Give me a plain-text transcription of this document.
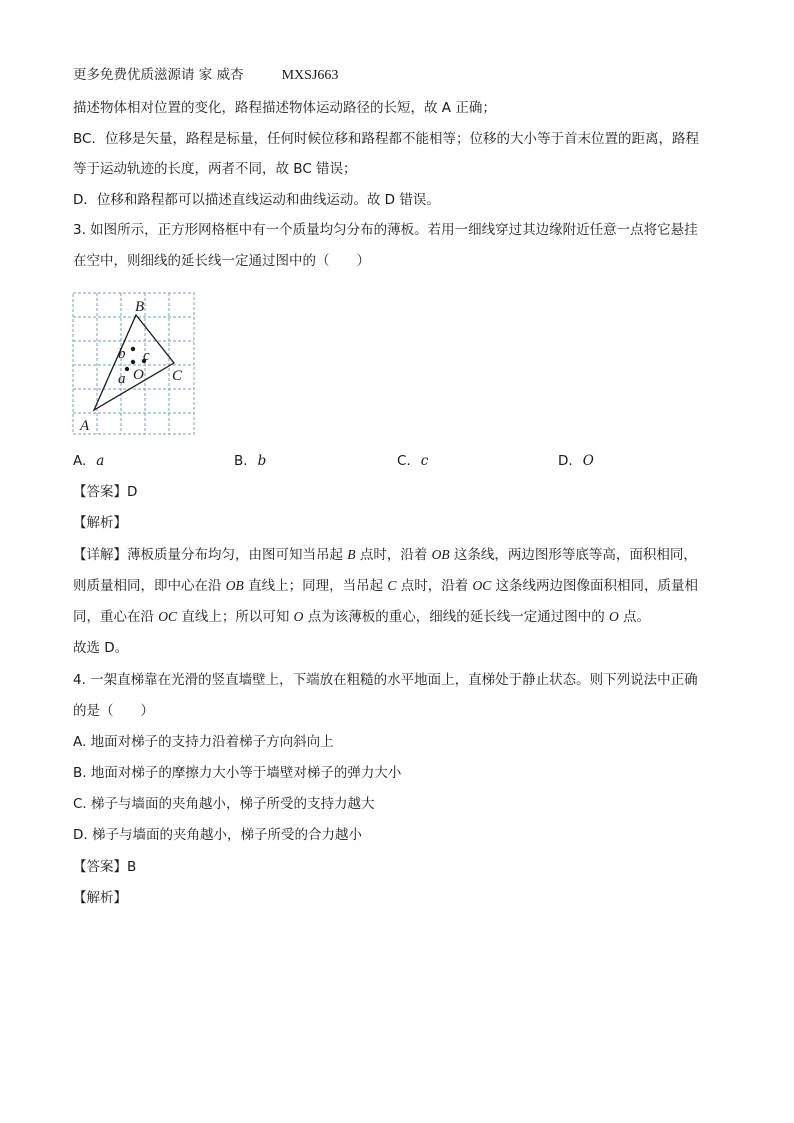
更多免费优质滋源请 家 威杏	MXSJ663
描述物体相对位置的变化，路程描述物体运动路径的长短，故 A 正确；
BC．位移是矢量，路程是标量，任何时候位移和路程都不能相等；位移的大小等于首末位置的距离，路程
等于运动轨迹的长度，两者不同，故 BC 错误；
D．位移和路程都可以描述直线运动和曲线运动。故 D 错误。
3. 如图所示，正方形网格框中有一个质量均匀分布的薄板。若用一细线穿过其边缘附近任意一点将它悬挂
在空中，则细线的延长线一定通过图中的（　　）
B
C
A
O
a
b c
A. a	B. b	C. c	D. O
【答案】D
【解析】
【详解】薄板质量分布均匀，由图可知当吊起 B 点时，沿着 OB 这条线，两边图形等底等高，面积相同，
则质量相同，即中心在沿 OB 直线上；同理，当吊起 C 点时，沿着 OC 这条线两边图像面积相同，质量相
同，重心在沿 OC 直线上；所以可知 O 点为该薄板的重心，细线的延长线一定通过图中的 O 点。
故选 D。
4. 一架直梯靠在光滑的竖直墙壁上，下端放在粗糙的水平地面上，直梯处于静止状态。则下列说法中正确
的是（　　）
A. 地面对梯子的支持力沿着梯子方向斜向上
B. 地面对梯子的摩擦力大小等于墙壁对梯子的弹力大小
C. 梯子与墙面的夹角越小，梯子所受的支持力越大
D. 梯子与墙面的夹角越小，梯子所受的合力越小
【答案】B
【解析】
